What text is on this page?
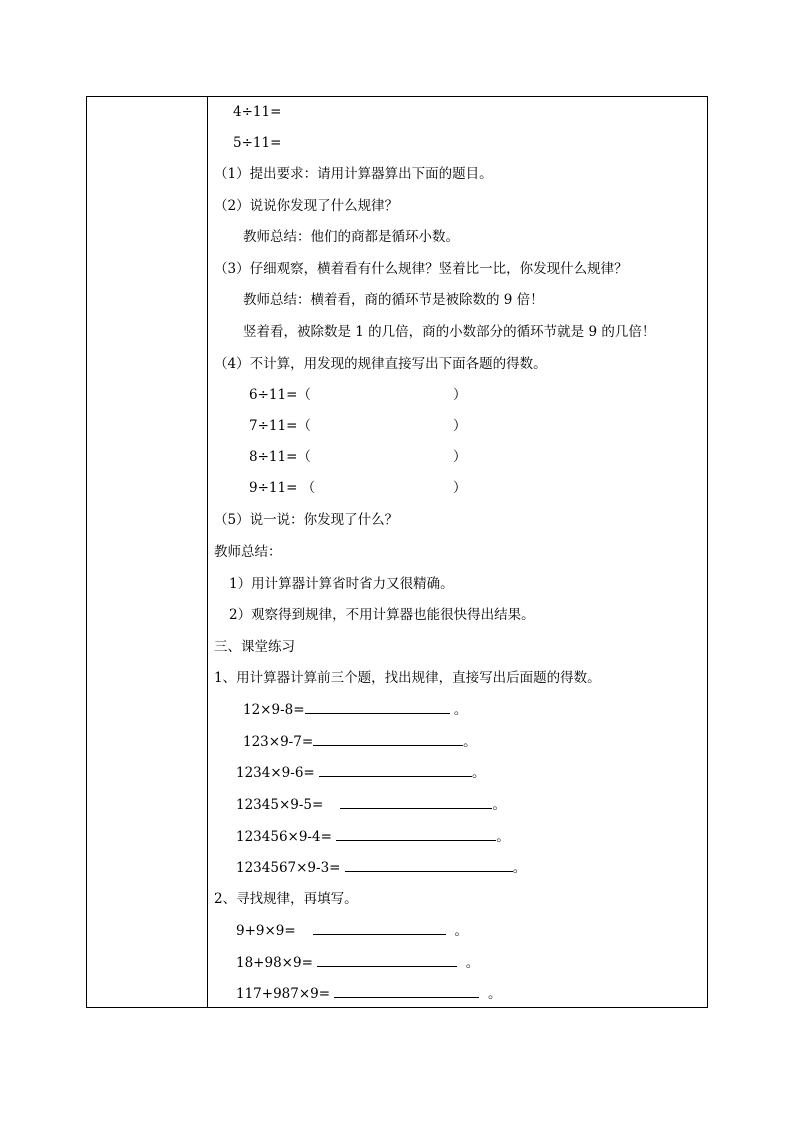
4÷11=
5÷11=
（1）提出要求：请用计算器算出下面的题目。
（2）说说你发现了什么规律？
教师总结：他们的商都是循环小数。
（3）仔细观察，横着看有什么规律？竖着比一比，你发现什么规律？
教师总结：横着看，商的循环节是被除数的 9 倍！
竖着看，被除数是 1 的几倍，商的小数部分的循环节就是 9 的几倍！
（4）不计算，用发现的规律直接写出下面各题的得数。
6÷11=（	）
7÷11=（	）
8÷11=（	）
9÷11= （	）
（5）说一说：你发现了什么？
教师总结：
1）用计算器计算省时省力又很精确。
2）观察得到规律，不用计算器也能很快得出结果。
三、课堂练习
1、用计算器计算前三个题，找出规律，直接写出后面题的得数。
12×9-8=	。
123×9-7=	。
1234×9-6=	。
12345×9-5=	。
123456×9-4=	。
1234567×9-3=	。
2、寻找规律，再填写。
9+9×9=	。
18+98×9=	。
117+987×9=	。
